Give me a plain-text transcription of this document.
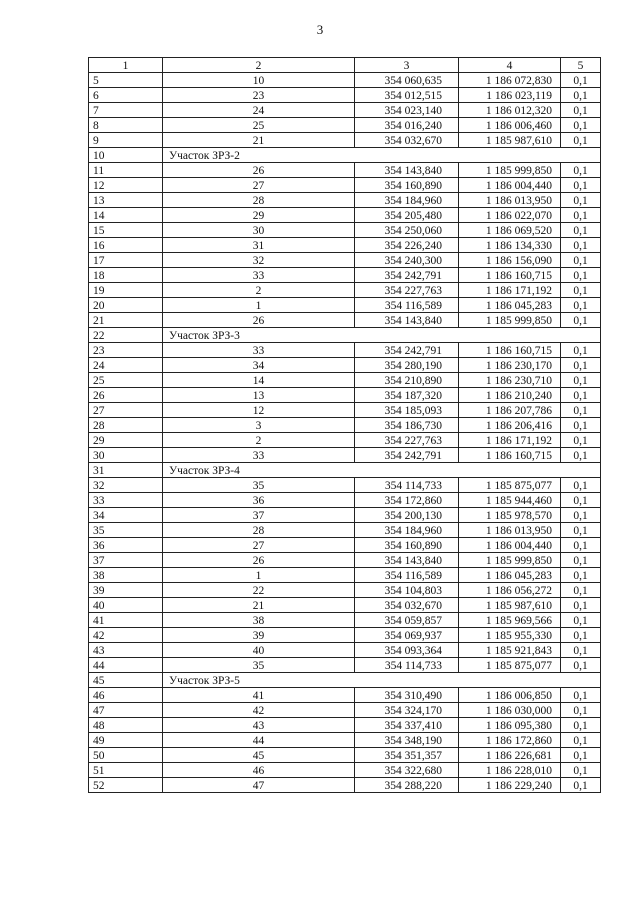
3
1	2	3	4	5
5	10	354 060,635	1 186 072,830	0,1
6	23	354 012,515	1 186 023,119	0,1
7	24	354 023,140	1 186 012,320	0,1
8	25	354 016,240	1 186 006,460	0,1
9	21	354 032,670	1 185 987,610	0,1
10	Участок ЗРЗ-2			
11	26	354 143,840	1 185 999,850	0,1
12	27	354 160,890	1 186 004,440	0,1
13	28	354 184,960	1 186 013,950	0,1
14	29	354 205,480	1 186 022,070	0,1
15	30	354 250,060	1 186 069,520	0,1
16	31	354 226,240	1 186 134,330	0,1
17	32	354 240,300	1 186 156,090	0,1
18	33	354 242,791	1 186 160,715	0,1
19	2	354 227,763	1 186 171,192	0,1
20	1	354 116,589	1 186 045,283	0,1
21	26	354 143,840	1 185 999,850	0,1
22	Участок ЗРЗ-3			
23	33	354 242,791	1 186 160,715	0,1
24	34	354 280,190	1 186 230,170	0,1
25	14	354 210,890	1 186 230,710	0,1
26	13	354 187,320	1 186 210,240	0,1
27	12	354 185,093	1 186 207,786	0,1
28	3	354 186,730	1 186 206,416	0,1
29	2	354 227,763	1 186 171,192	0,1
30	33	354 242,791	1 186 160,715	0,1
31	Участок ЗРЗ-4			
32	35	354 114,733	1 185 875,077	0,1
33	36	354 172,860	1 185 944,460	0,1
34	37	354 200,130	1 185 978,570	0,1
35	28	354 184,960	1 186 013,950	0,1
36	27	354 160,890	1 186 004,440	0,1
37	26	354 143,840	1 185 999,850	0,1
38	1	354 116,589	1 186 045,283	0,1
39	22	354 104,803	1 186 056,272	0,1
40	21	354 032,670	1 185 987,610	0,1
41	38	354 059,857	1 185 969,566	0,1
42	39	354 069,937	1 185 955,330	0,1
43	40	354 093,364	1 185 921,843	0,1
44	35	354 114,733	1 185 875,077	0,1
45	Участок ЗРЗ-5			
46	41	354 310,490	1 186 006,850	0,1
47	42	354 324,170	1 186 030,000	0,1
48	43	354 337,410	1 186 095,380	0,1
49	44	354 348,190	1 186 172,860	0,1
50	45	354 351,357	1 186 226,681	0,1
51	46	354 322,680	1 186 228,010	0,1
52	47	354 288,220	1 186 229,240	0,1
